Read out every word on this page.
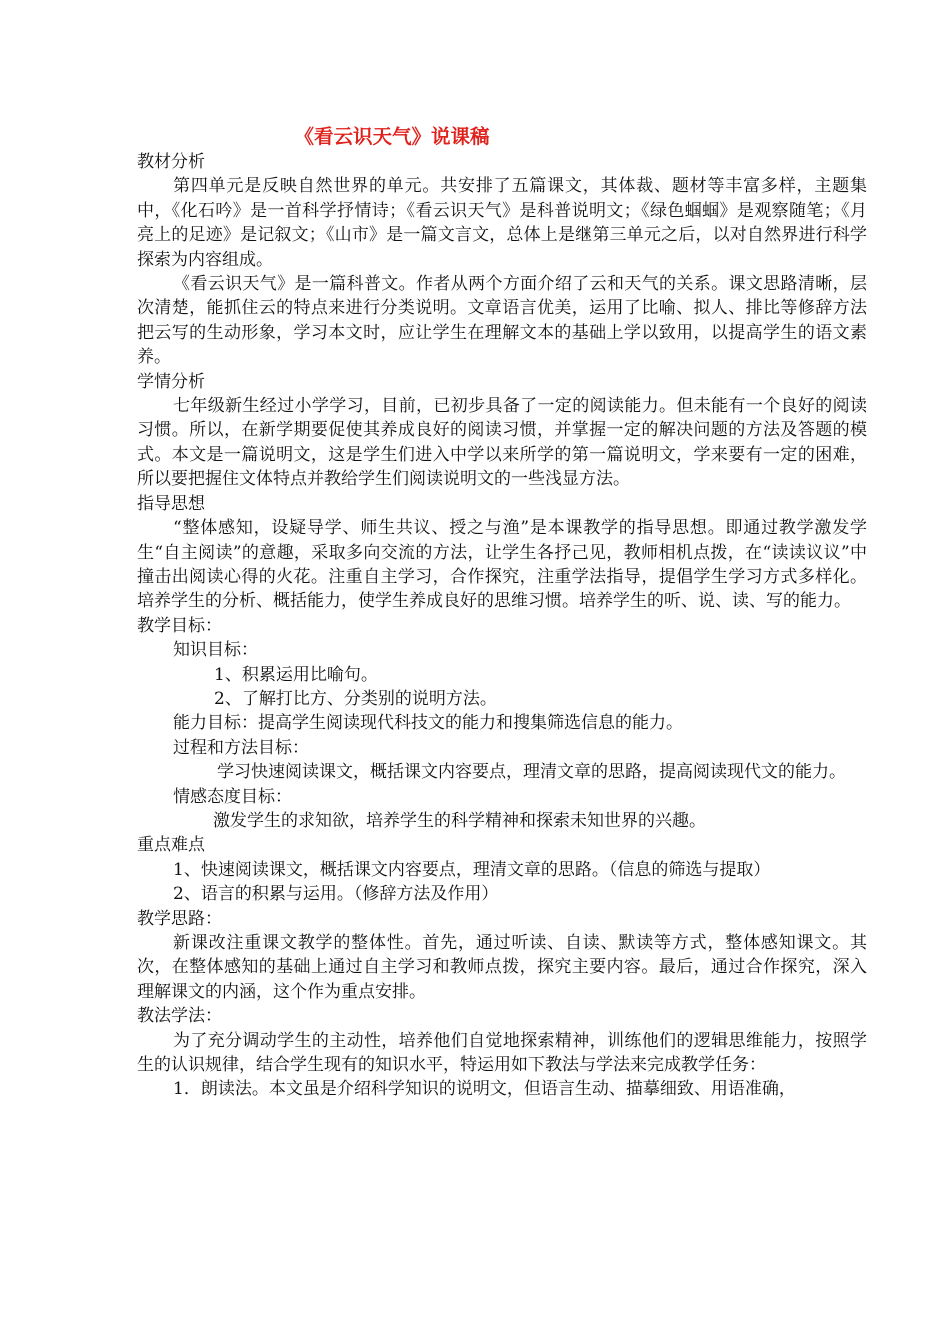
《看云识天气》说课稿

教材分析

第四单元是反映自然世界的单元。共安排了五篇课文，其体裁、题材等丰富多样，主题集中，《化石吟》是一首科学抒情诗；《看云识天气》是科普说明文；《绿色蝈蝈》是观察随笔；《月亮上的足迹》是记叙文；《山市》是一篇文言文，总体上是继第三单元之后，以对自然界进行科学探索为内容组成。

《看云识天气》是一篇科普文。作者从两个方面介绍了云和天气的关系。课文思路清晰，层次清楚，能抓住云的特点来进行分类说明。文章语言优美，运用了比喻、拟人、排比等修辞方法把云写的生动形象，学习本文时，应让学生在理解文本的基础上学以致用，以提高学生的语文素养。

学情分析

七年级新生经过小学学习，目前，已初步具备了一定的阅读能力。但未能有一个良好的阅读习惯。所以，在新学期要促使其养成良好的阅读习惯，并掌握一定的解决问题的方法及答题的模式。本文是一篇说明文，这是学生们进入中学以来所学的第一篇说明文，学来要有一定的困难，所以要把握住文体特点并教给学生们阅读说明文的一些浅显方法。

指导思想

“整体感知，设疑导学、师生共议、授之与渔”是本课教学的指导思想。即通过教学激发学生“自主阅读”的意趣，采取多向交流的方法，让学生各抒己见，教师相机点拨，在“读读议议”中撞击出阅读心得的火花。注重自主学习，合作探究，注重学法指导，提倡学生学习方式多样化。培养学生的分析、概括能力，使学生养成良好的思维习惯。培养学生的听、说、读、写的能力。

教学目标：

知识目标：

1、积累运用比喻句。

2、了解打比方、分类别的说明方法。

能力目标：提高学生阅读现代科技文的能力和搜集筛选信息的能力。

过程和方法目标：

学习快速阅读课文，概括课文内容要点，理清文章的思路，提高阅读现代文的能力。

情感态度目标：

激发学生的求知欲，培养学生的科学精神和探索未知世界的兴趣。

重点难点

1、快速阅读课文，概括课文内容要点，理清文章的思路。（信息的筛选与提取）

2、语言的积累与运用。（修辞方法及作用）

教学思路：

新课改注重课文教学的整体性。首先，通过听读、自读、默读等方式，整体感知课文。其次，在整体感知的基础上通过自主学习和教师点拨，探究主要内容。最后，通过合作探究，深入理解课文的内涵，这个作为重点安排。

教法学法：

为了充分调动学生的主动性，培养他们自觉地探索精神，训练他们的逻辑思维能力，按照学生的认识规律，结合学生现有的知识水平，特运用如下教法与学法来完成教学任务：

1．朗读法。本文虽是介绍科学知识的说明文，但语言生动、描摹细致、用语准确，
